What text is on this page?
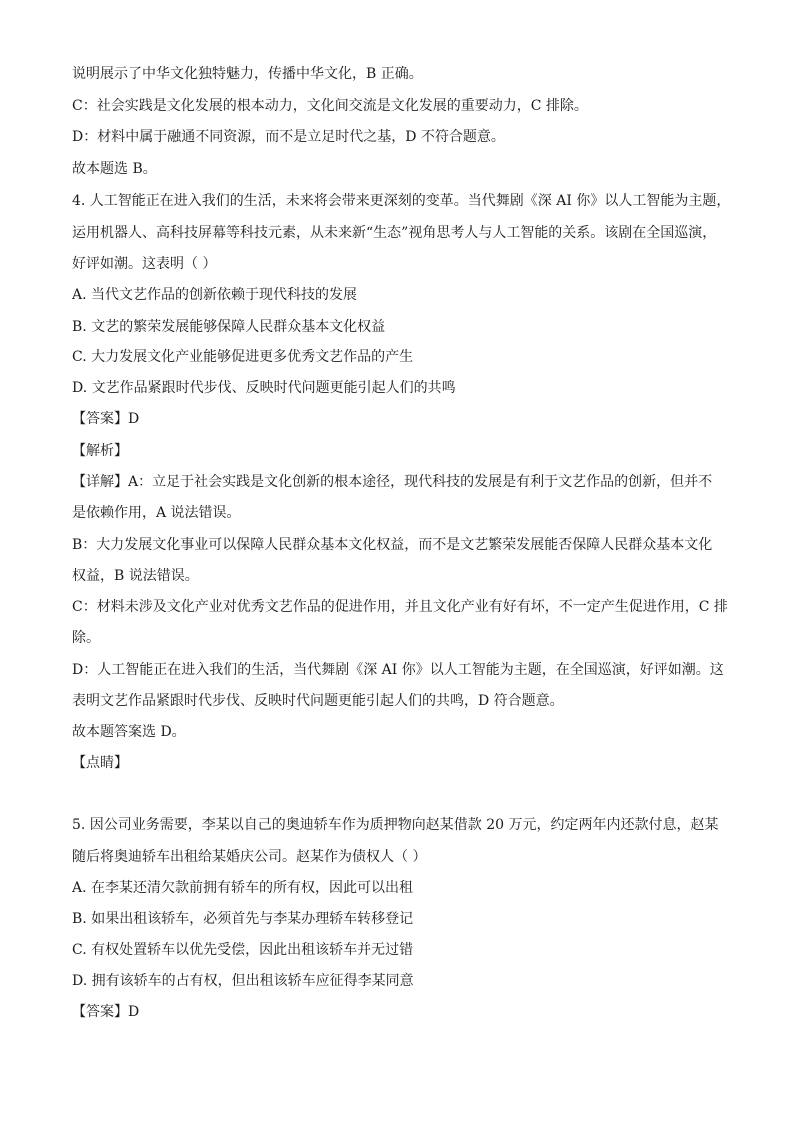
说明展示了中华文化独特魅力，传播中华文化，B 正确。
C：社会实践是文化发展的根本动力，文化间交流是文化发展的重要动力，C 排除。
D：材料中属于融通不同资源，而不是立足时代之基，D 不符合题意。
故本题选 B。
4. 人工智能正在进入我们的生活，未来将会带来更深刻的变革。当代舞剧《深 AI 你》以人工智能为主题，
运用机器人、高科技屏幕等科技元素，从未来新“生态”视角思考人与人工智能的关系。该剧在全国巡演，
好评如潮。这表明（ ）
A. 当代文艺作品的创新依赖于现代科技的发展
B. 文艺的繁荣发展能够保障人民群众基本文化权益
C. 大力发展文化产业能够促进更多优秀文艺作品的产生
D. 文艺作品紧跟时代步伐、反映时代问题更能引起人们的共鸣
【答案】D
【解析】
【详解】A：立足于社会实践是文化创新的根本途径，现代科技的发展是有利于文艺作品的创新，但并不
是依赖作用，A 说法错误。
B：大力发展文化事业可以保障人民群众基本文化权益，而不是文艺繁荣发展能否保障人民群众基本文化
权益，B 说法错误。
C：材料未涉及文化产业对优秀文艺作品的促进作用，并且文化产业有好有坏，不一定产生促进作用，C 排
除。
D：人工智能正在进入我们的生活，当代舞剧《深 AI 你》以人工智能为主题，在全国巡演，好评如潮。这
表明文艺作品紧跟时代步伐、反映时代问题更能引起人们的共鸣，D 符合题意。
故本题答案选 D。
【点睛】
5. 因公司业务需要，李某以自己的奥迪轿车作为质押物向赵某借款 20 万元，约定两年内还款付息，赵某
随后将奥迪轿车出租给某婚庆公司。赵某作为债权人（ ）
A. 在李某还清欠款前拥有轿车的所有权，因此可以出租
B. 如果出租该轿车，必须首先与李某办理轿车转移登记
C. 有权处置轿车以优先受偿，因此出租该轿车并无过错
D. 拥有该轿车的占有权，但出租该轿车应征得李某同意
【答案】D
